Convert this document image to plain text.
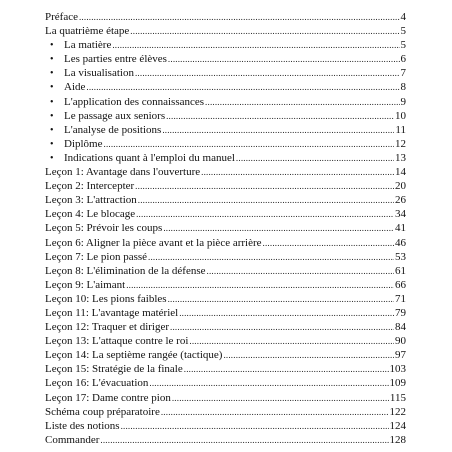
Préface .....	4
La quatrième étape .....	5
• La matière .....	5
• Les parties entre élèves .....	6
• La visualisation .....	7
• Aide .....	8
• L'application des connaissances .....	9
• Le passage aux seniors .....	10
• L'analyse de positions .....	11
• Diplôme .....	12
• Indications quant à l'emploi du manuel .....	13
Leçon 1: Avantage dans l'ouverture .....	14
Leçon 2: Intercepter .....	20
Leçon 3: L'attraction .....	26
Leçon 4: Le blocage .....	34
Leçon 5: Prévoir les coups .....	41
Leçon 6: Aligner la pièce avant et la pièce arrière .....	46
Leçon 7: Le pion passé .....	53
Leçon 8: L'élimination de la défense .....	61
Leçon 9: L'aimant .....	66
Leçon 10: Les pions faibles .....	71
Leçon 11: L'avantage matériel .....	79
Leçon 12: Traquer et diriger .....	84
Leçon 13: L'attaque contre le roi .....	90
Leçon 14: La septième rangée (tactique) .....	97
Leçon 15: Stratégie de la finale .....	103
Leçon 16: L'évacuation .....	109
Leçon 17: Dame contre pion .....	115
Schéma coup préparatoire .....	122
Liste des notions .....	124
Commander .....	128
